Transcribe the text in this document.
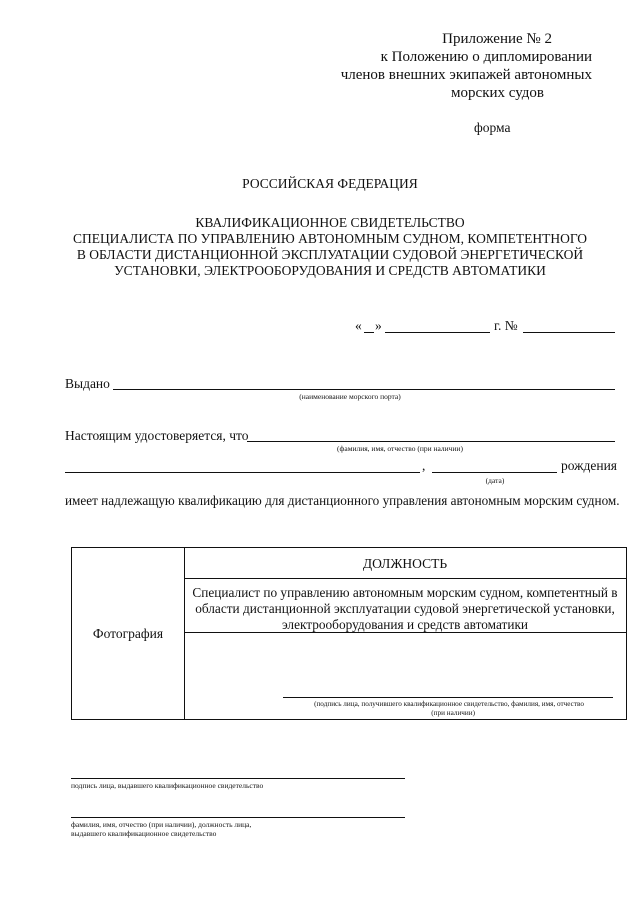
Приложение № 2
к Положению о дипломировании
членов внешних экипажей автономных
морских судов
форма
РОССИЙСКАЯ ФЕДЕРАЦИЯ
КВАЛИФИКАЦИОННОЕ СВИДЕТЕЛЬСТВО
СПЕЦИАЛИСТА ПО УПРАВЛЕНИЮ АВТОНОМНЫМ СУДНОМ, КОМПЕТЕНТНОГО
В ОБЛАСТИ ДИСТАНЦИОННОЙ ЭКСПЛУАТАЦИИ СУДОВОЙ ЭНЕРГЕТИЧЕСКОЙ
УСТАНОВКИ, ЭЛЕКТРООБОРУДОВАНИЯ И СРЕДСТВ АВТОМАТИКИ
« »	г. №
Выдано
(наименование морского порта)
Настоящим удостоверяется, что
(фамилия, имя, отчество (при наличии)
,	рождения
(дата)
имеет надлежащую квалификацию для дистанционного управления автономным морским судном.
Фотография
ДОЛЖНОСТЬ
Специалист по управлению автономным морским судном, компетентный в
области дистанционной эксплуатации судовой энергетической установки,
электрооборудования и средств автоматики
(подпись лица, получившего квалификационное свидетельство, фамилия, имя, отчество
(при наличии)
подпись лица, выдавшего квалификационное свидетельство
фамилия, имя, отчество (при наличии), должность лица,
выдавшего квалификационное свидетельство
